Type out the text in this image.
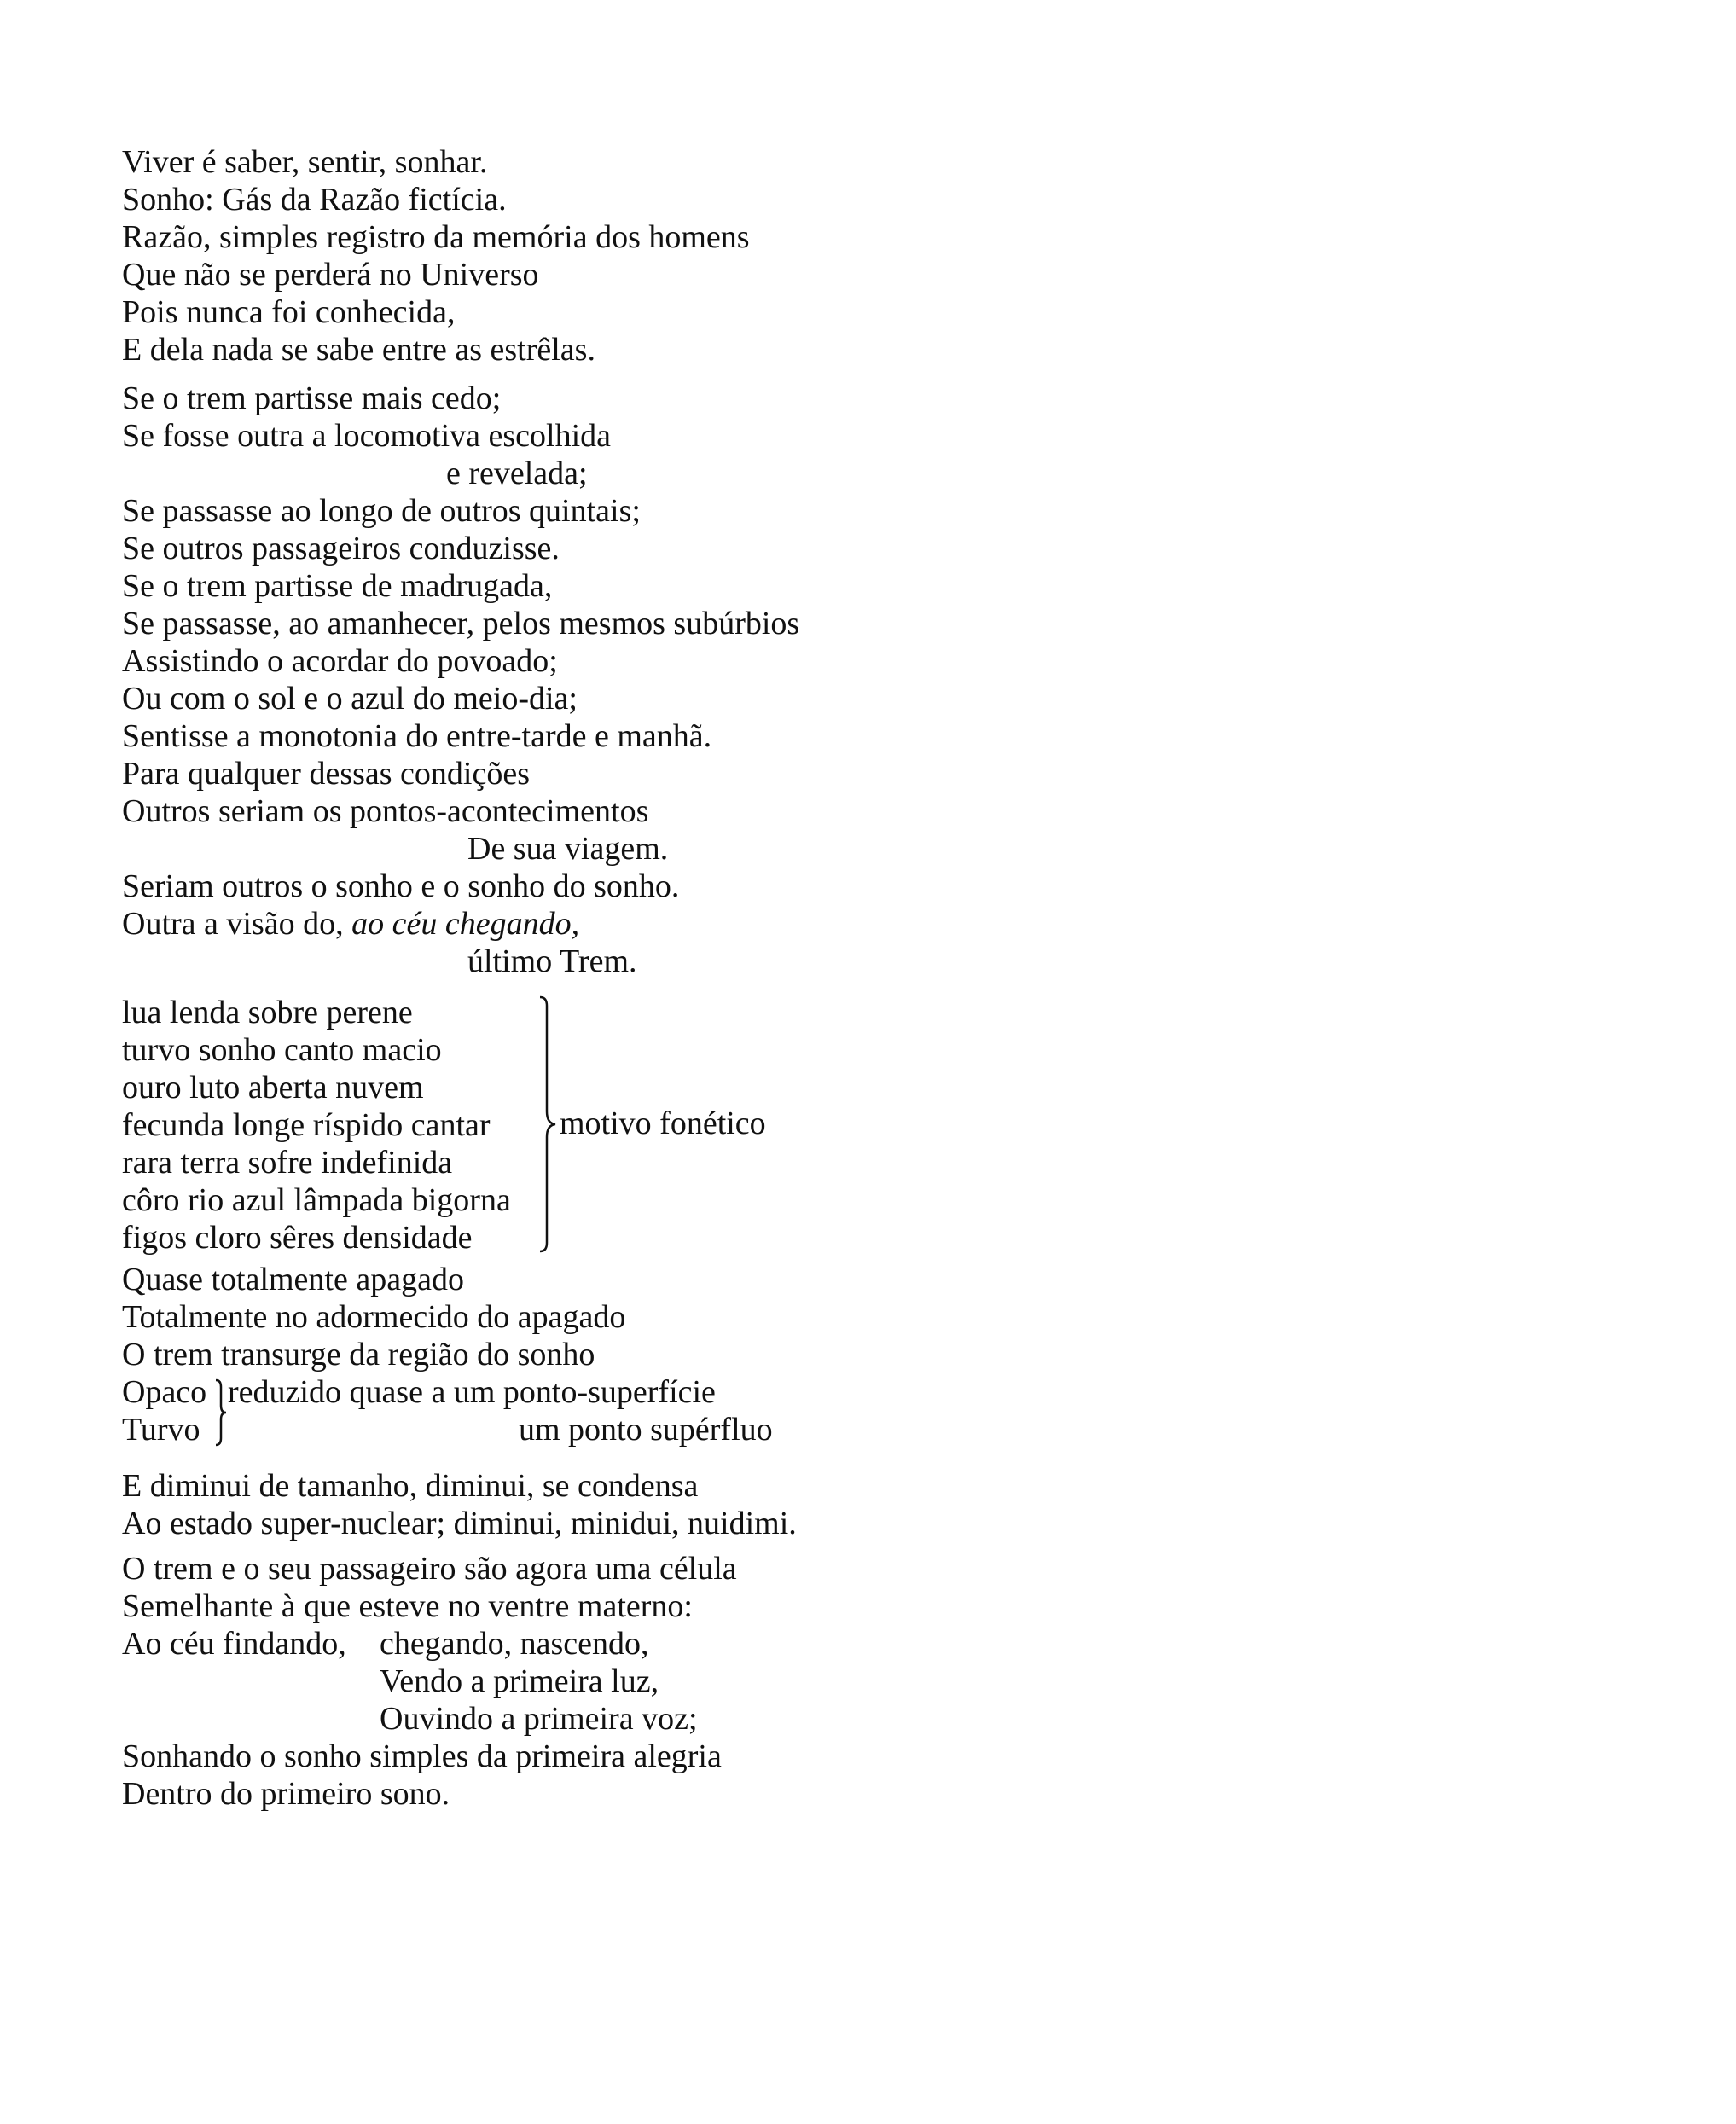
Viver é saber, sentir, sonhar.
Sonho: Gás da Razão fictícia.
Razão, simples registro da memória dos homens
Que não se perderá no Universo
Pois nunca foi conhecida,
E dela nada se sabe entre as estrêlas.
Se o trem partisse mais cedo;
Se fosse outra a locomotiva escolhida
e revelada;
Se passasse ao longo de outros quintais;
Se outros passageiros conduzisse.
Se o trem partisse de madrugada,
Se passasse, ao amanhecer, pelos mesmos subúrbios
Assistindo o acordar do povoado;
Ou com o sol e o azul do meio-dia;
Sentisse a monotonia do entre-tarde e manhã.
Para qualquer dessas condições
Outros seriam os pontos-acontecimentos
De sua viagem.
Seriam outros o sonho e o sonho do sonho.
Outra a visão do, ao céu chegando,
último Trem.
lua lenda sobre perene
turvo sonho canto macio
ouro luto aberta nuvem
fecunda longe ríspido cantar
rara terra sofre indefinida
côro rio azul lâmpada bigorna
figos cloro sêres densidade
motivo fonético
Quase totalmente apagado
Totalmente no adormecido do apagado
O trem transurge da região do sonho
Opaco reduzido quase a um ponto-superfície
Turvo	um ponto supérfluo
E diminui de tamanho, diminui, se condensa
Ao estado super-nuclear; diminui, minidui, nuidimi.
O trem e o seu passageiro são agora uma célula
Semelhante à que esteve no ventre materno:
Ao céu findando, chegando, nascendo,
Vendo a primeira luz,
Ouvindo a primeira voz;
Sonhando o sonho simples da primeira alegria
Dentro do primeiro sono.
